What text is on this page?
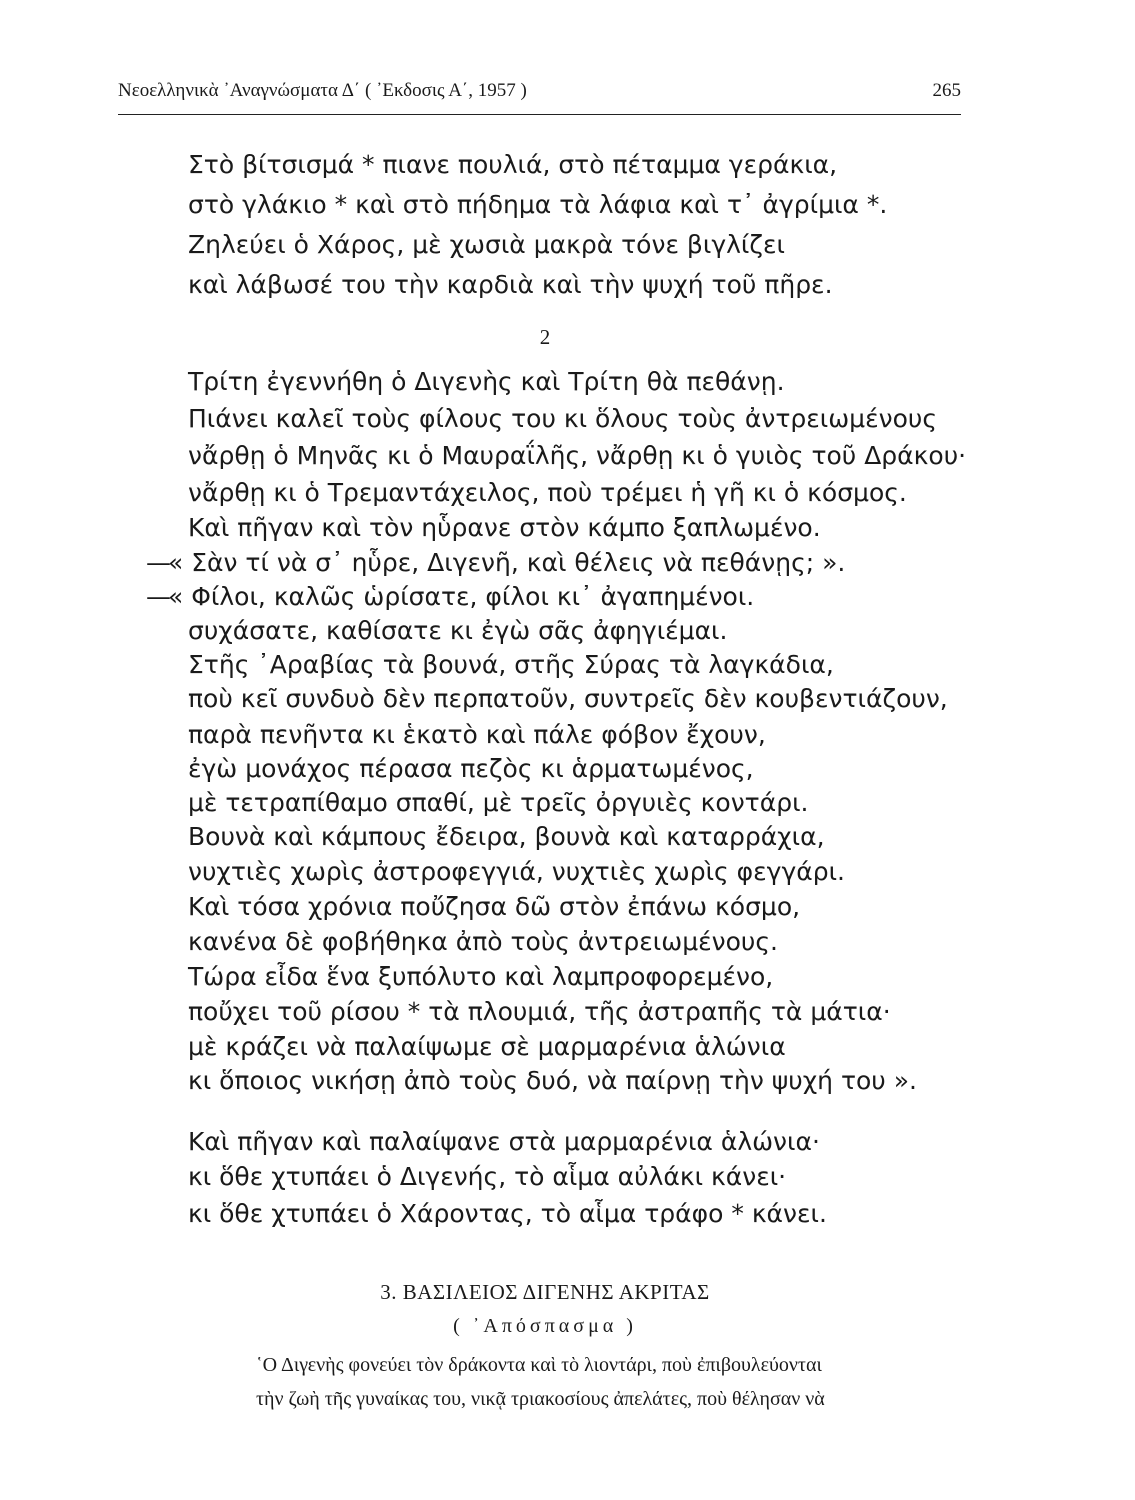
Νεοελληνικὰ ᾿Αναγνώσματα Δ΄ ( ᾿Εκδοσις Α΄, 1957 )	265
Στὸ βίτσισμά * πιανε πουλιά, στὸ πέταμμα γεράκια,
στὸ γλάκιο * καὶ στὸ πήδημα τὰ λάφια καὶ τ᾿ ἀγρίμια *.
Ζηλεύει ὁ Χάρος, μὲ χωσιὰ μακρὰ τόνε βιγλίζει
καὶ λάβωσέ του τὴν καρδιὰ καὶ τὴν ψυχή τοῦ πῆρε.
2
Τρίτη ἐγεννήθη ὁ Διγενὴς καὶ Τρίτη θὰ πεθάνῃ.
Πιάνει καλεῖ τοὺς φίλους του κι ὅλους τοὺς ἀντρειωμένους
νἄρθῃ ὁ Μηνᾶς κι ὁ Μαυραΐλῆς, νἄρθῃ κι ὁ γυιὸς τοῦ Δράκου·
νἄρθῃ κι ὁ Τρεμαντάχειλος, ποὺ τρέμει ἡ γῆ κι ὁ κόσμος.
Καὶ πῆγαν καὶ τὸν ηὗρανε στὸν κάμπο ξαπλωμένο.
—
« Σὰν τί νὰ σ᾿ ηὗρε, Διγενῆ, καὶ θέλεις νὰ πεθάνῃς; ».
—
« Φίλοι, καλῶς ὡρίσατε, φίλοι κι᾿ ἀγαπημένοι.
συχάσατε, καθίσατε κι ἐγὼ σᾶς ἀφηγιέμαι.
Στῆς ᾿Αραβίας τὰ βουνά, στῆς Σύρας τὰ λαγκάδια,
ποὺ κεῖ συνδυὸ δὲν περπατοῦν, συντρεῖς δὲν κουβεντιάζουν,
παρὰ πενῆντα κι ἑκατὸ καὶ πάλε φόβον ἔχουν,
ἐγὼ μονάχος πέρασα πεζὸς κι ἁρματωμένος,
μὲ τετραπίθαμο σπαθί, μὲ τρεῖς ὀργυιὲς κοντάρι.
Βουνὰ καὶ κάμπους ἔδειρα, βουνὰ καὶ καταρράχια,
νυχτιὲς χωρὶς ἀστροφεγγιά, νυχτιὲς χωρὶς φεγγάρι.
Καὶ τόσα χρόνια ποὔζησα δῶ στὸν ἐπάνω κόσμο,
κανένα δὲ φοβήθηκα ἀπὸ τοὺς ἀντρειωμένους.
Τώρα εἶδα ἕνα ξυπόλυτο καὶ λαμπροφορεμένο,
ποὔχει τοῦ ρίσου * τὰ πλουμιά, τῆς ἀστραπῆς τὰ μάτια·
μὲ κράζει νὰ παλαίψωμε σὲ μαρμαρένια ἁλώνια
κι ὅποιος νικήσῃ ἀπὸ τοὺς δυό, νὰ παίρνῃ τὴν ψυχή του ».
Καὶ πῆγαν καὶ παλαίψανε στὰ μαρμαρένια ἁλώνια·
κι ὅθε χτυπάει ὁ Διγενής, τὸ αἷμα αὐλάκι κάνει·
κι ὅθε χτυπάει ὁ Χάροντας, τὸ αἷμα τράφο * κάνει.
3. ΒΑΣΙΛΕΙΟΣ ΔΙΓΕΝΗΣ ΑΚΡΙΤΑΣ
( ᾿Απόσπασμα )
῾Ο Διγενὴς φονεύει τὸν δράκοντα καὶ τὸ λιοντάρι, ποὺ ἐπιβουλεύονται
τὴν ζωὴ τῆς γυναίκας του, νικᾷ τριακοσίους ἀπελάτες, ποὺ θέλησαν νὰ
